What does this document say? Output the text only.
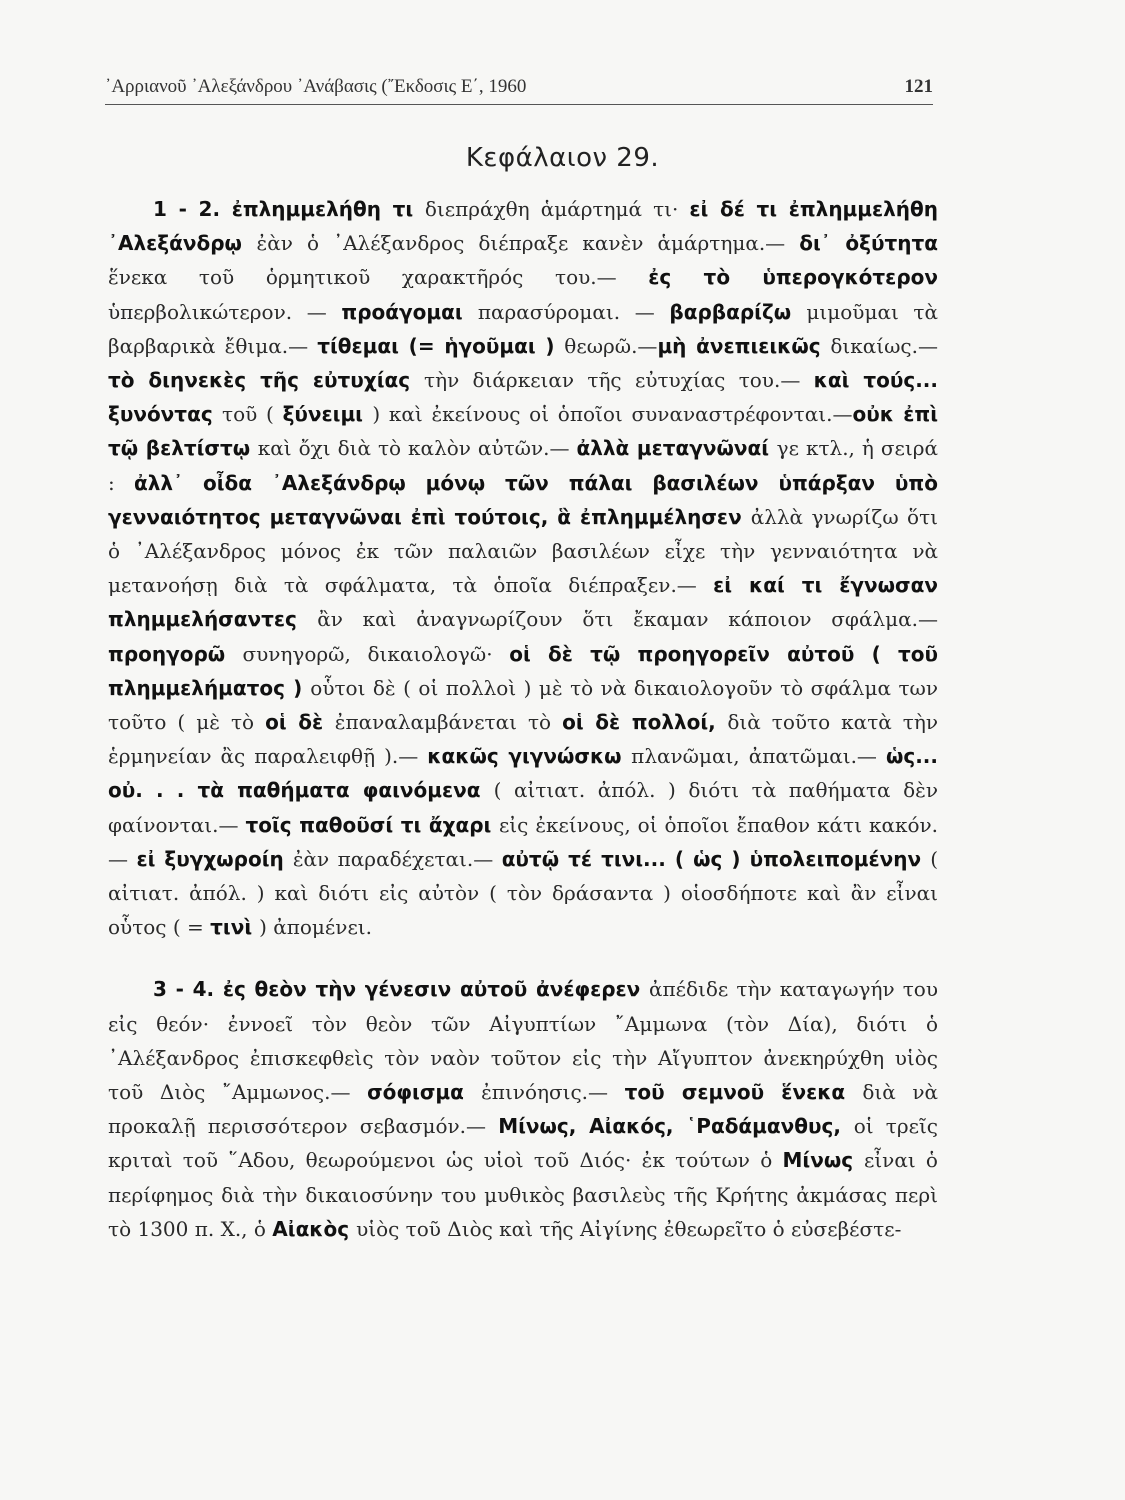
᾿Αρριανοῦ ᾿Αλεξάνδρου ᾿Ανάβασις (῎Εκδοσις Ε΄, 1960	121
Κεφάλαιον 29.

1 - 2. ἐπλημμελήθη τι διεπράχθη ἁμάρτημά τι· εἰ δέ τι ἐπλημμελήθη ᾿Αλεξάνδρῳ ἐὰν ὁ ᾿Αλέξανδρος διέπραξε κανὲν ἁμάρτημα.— δι᾿ ὀξύτητα ἕνεκα τοῦ ὁρμητικοῦ χαρακτῆρός του.— ἐς τὸ ὑπερογκότερον ὑπερβολικώτερον. — προάγομαι παρασύρομαι. — βαρβαρίζω μιμοῦμαι τὰ βαρβαρικὰ ἔθιμα.— τίθεμαι (= ἡγοῦμαι ) θεωρῶ.—μὴ ἀνεπιεικῶς δικαίως.— τὸ διηνεκὲς τῆς εὐτυχίας τὴν διάρκειαν τῆς εὐτυχίας του.— καὶ τούς... ξυνόντας τοῦ ( ξύνειμι ) καὶ ἐκείνους οἱ ὁποῖοι συναναστρέφονται.—οὐκ ἐπὶ τῷ βελτίστῳ καὶ ὄχι διὰ τὸ καλὸν αὐτῶν.— ἀλλὰ μεταγνῶναί γε κτλ., ἡ σειρά : ἀλλ᾿ οἶδα ᾿Αλεξάνδρῳ μόνῳ τῶν πάλαι βασιλέων ὑπάρξαν ὑπὸ γενναιότητος μεταγνῶναι ἐπὶ τούτοις, ἃ ἐπλημμέλησεν ἀλλὰ γνωρίζω ὅτι ὁ ᾿Αλέξανδρος μόνος ἐκ τῶν παλαιῶν βασιλέων εἶχε τὴν γενναιότητα νὰ μετανοήσῃ διὰ τὰ σφάλματα, τὰ ὁποῖα διέπραξεν.— εἰ καί τι ἔγνωσαν πλημμελήσαντες ἂν καὶ ἀναγνωρίζουν ὅτι ἔκαμαν κάποιον σφάλμα.— προηγορῶ συνηγορῶ, δικαιολογῶ· οἱ δὲ τῷ προηγορεῖν αὐτοῦ ( τοῦ πλημμελήματος ) οὗτοι δὲ ( οἱ πολλοὶ ) μὲ τὸ νὰ δικαιολογοῦν τὸ σφάλμα των τοῦτο ( μὲ τὸ οἱ δὲ ἐπαναλαμβάνεται τὸ οἱ δὲ πολλοί, διὰ τοῦτο κατὰ τὴν ἑρμηνείαν ἂς παραλειφθῇ ).— κακῶς γιγνώσκω πλανῶμαι, ἀπατῶμαι.— ὡς... οὐ. . . τὰ παθήματα φαινόμενα ( αἰτιατ. ἀπόλ. ) διότι τὰ παθήματα δὲν φαίνονται.— τοῖς παθοῦσί τι ἄχαρι εἰς ἐκείνους, οἱ ὁποῖοι ἔπαθον κάτι κακόν.— εἰ ξυγχωροίη ἐὰν παραδέχεται.— αὐτῷ τέ τινι... ( ὡς ) ὑπολειπομένην ( αἰτιατ. ἀπόλ. ) καὶ διότι εἰς αὐτὸν ( τὸν δράσαντα ) οἱοσδήποτε καὶ ἂν εἶναι οὗτος ( = τινὶ ) ἀπομένει.

3 - 4. ἐς θεὸν τὴν γένεσιν αὐτοῦ ἀνέφερεν ἀπέδιδε τὴν καταγωγήν του εἰς θεόν· ἐννοεῖ τὸν θεὸν τῶν Αἰγυπτίων ῎Αμμωνα (τὸν Δία), διότι ὁ ᾿Αλέξανδρος ἐπισκεφθεὶς τὸν ναὸν τοῦτον εἰς τὴν Αἴγυπτον ἀνεκηρύχθη υἱὸς τοῦ Διὸς ῎Αμμωνος.— σόφισμα ἐπινόησις.— τοῦ σεμνοῦ ἕνεκα διὰ νὰ προκαλῇ περισσότερον σεβασμόν.— Μίνως, Αἰακός, ῾Ραδάμανθυς, οἱ τρεῖς κριταὶ τοῦ ῞Αδου, θεωρούμενοι ὡς υἱοὶ τοῦ Διός· ἐκ τούτων ὁ Μίνως εἶναι ὁ περίφημος διὰ τὴν δικαιοσύνην του μυθικὸς βασιλεὺς τῆς Κρήτης ἀκμάσας περὶ τὸ 1300 π. Χ., ὁ Αἰακὸς υἱὸς τοῦ Διὸς καὶ τῆς Αἰγίνης ἐθεωρεῖτο ὁ εὐσεβέστε-
